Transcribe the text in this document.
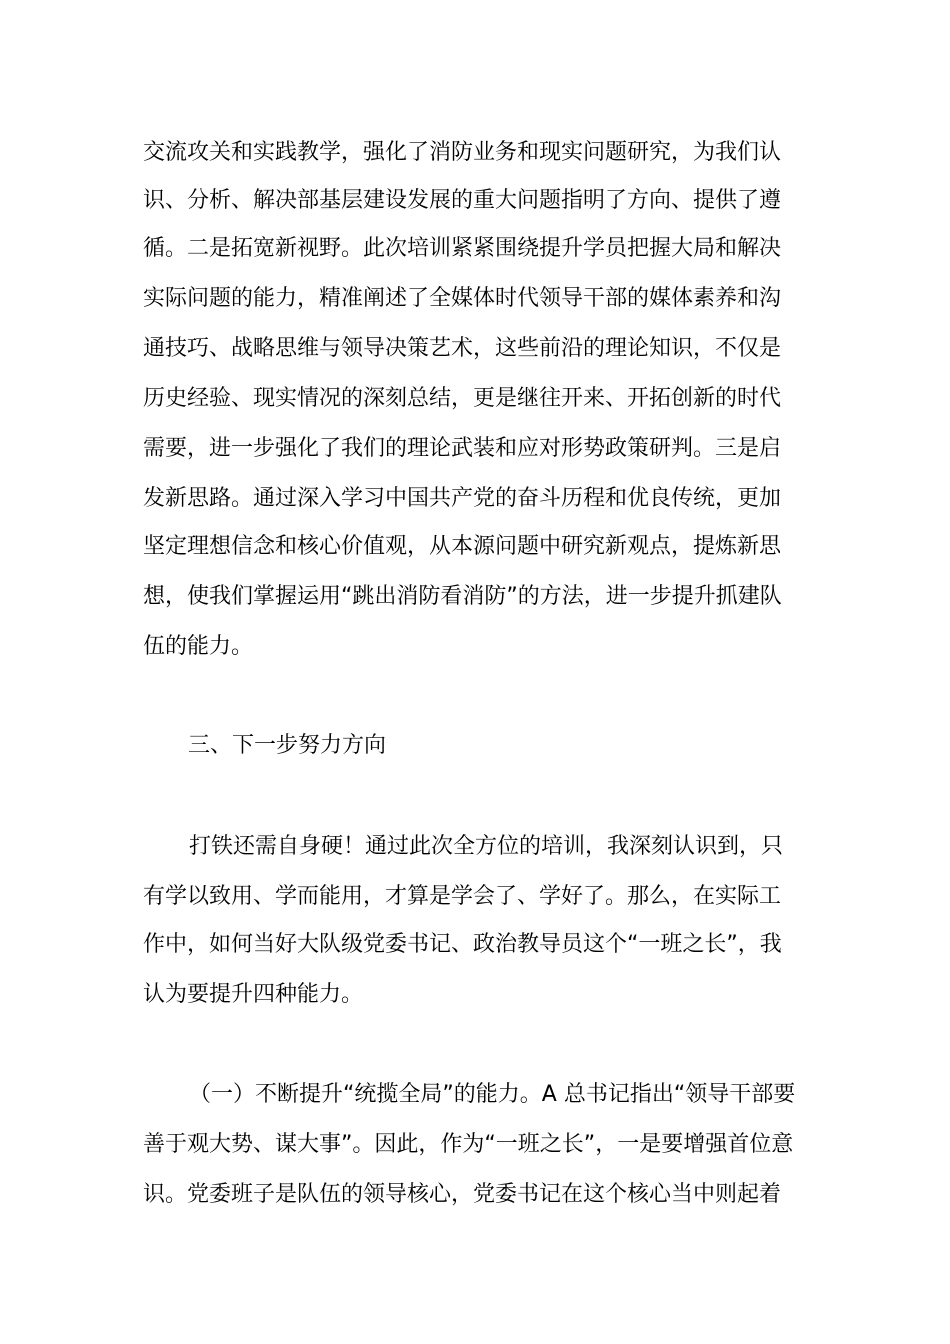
交流攻关和实践教学，强化了消防业务和现实问题研究，为我们认
识、分析、解决部基层建设发展的重大问题指明了方向、提供了遵
循。二是拓宽新视野。此次培训紧紧围绕提升学员把握大局和解决
实际问题的能力，精准阐述了全媒体时代领导干部的媒体素养和沟
通技巧、战略思维与领导决策艺术，这些前沿的理论知识，不仅是
历史经验、现实情况的深刻总结，更是继往开来、开拓创新的时代
需要，进一步强化了我们的理论武装和应对形势政策研判。三是启
发新思路。通过深入学习中国共产党的奋斗历程和优良传统，更加
坚定理想信念和核心价值观，从本源问题中研究新观点，提炼新思
想，使我们掌握运用“跳出消防看消防”的方法，进一步提升抓建队
伍的能力。
三、下一步努力方向
打铁还需自身硬！通过此次全方位的培训，我深刻认识到，只
有学以致用、学而能用，才算是学会了、学好了。那么，在实际工
作中，如何当好大队级党委书记、政治教导员这个“一班之长”，我
认为要提升四种能力。
（一）不断提升“统揽全局”的能力。A 总书记指出“领导干部要
善于观大势、谋大事”。因此，作为“一班之长”，一是要增强首位意
识。党委班子是队伍的领导核心，党委书记在这个核心当中则起着
